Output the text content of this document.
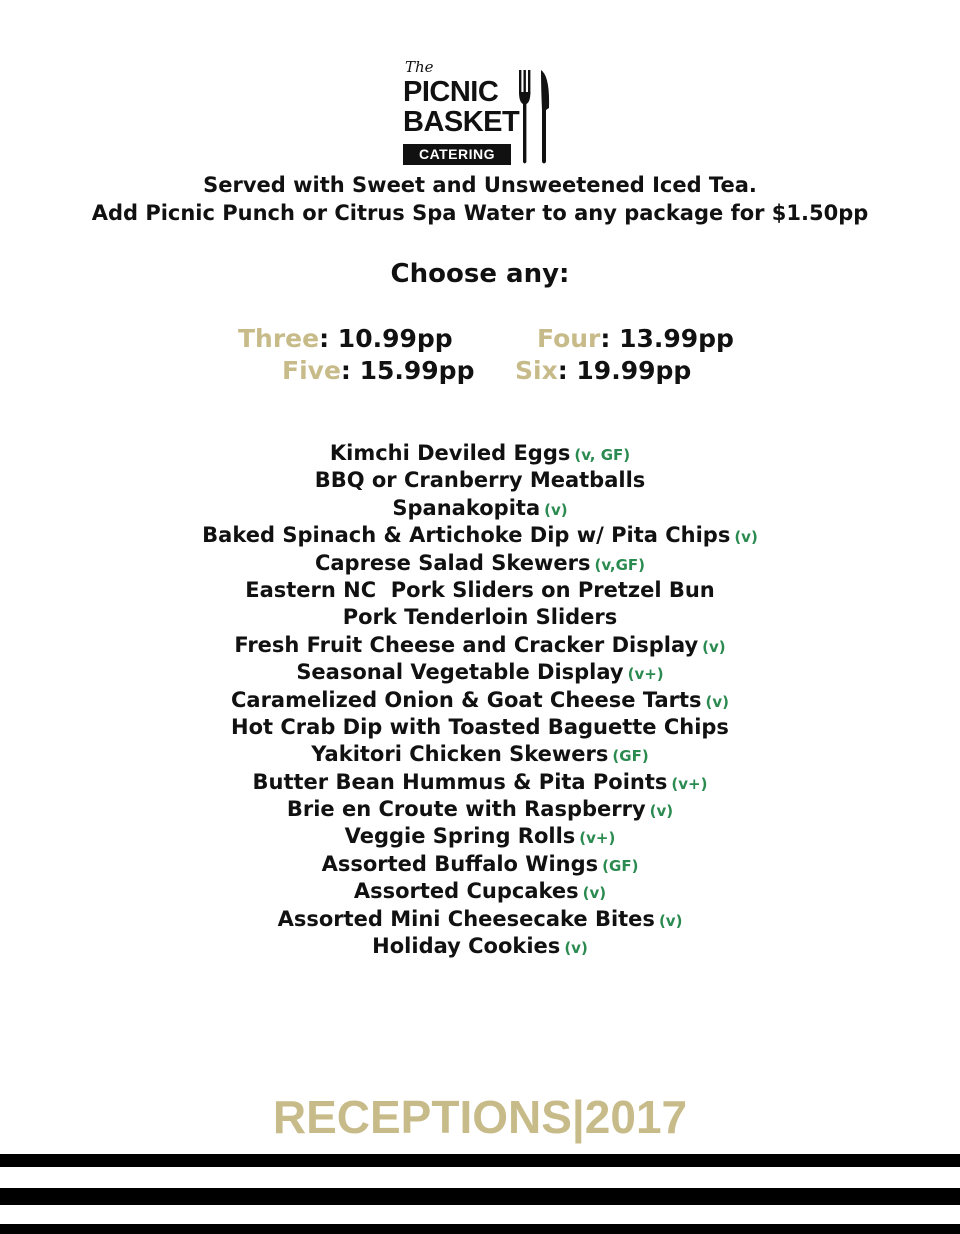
The
PICNIC
BASKET
CATERING
Served with Sweet and Unsweetened Iced Tea.
Add Picnic Punch or Citrus Spa Water to any package for $1.50pp
Choose any:
Three: 10.99pp	Four: 13.99pp
Five: 15.99pp Six: 19.99pp
Kimchi Deviled Eggs (v, GF)
BBQ or Cranberry Meatballs
Spanakopita (v)
Baked Spinach & Artichoke Dip w/ Pita Chips (v)
Caprese Salad Skewers (v,GF)
Eastern NC  Pork Sliders on Pretzel Bun
Pork Tenderloin Sliders
Fresh Fruit Cheese and Cracker Display (v)
Seasonal Vegetable Display (v+)
Caramelized Onion & Goat Cheese Tarts (v)
Hot Crab Dip with Toasted Baguette Chips
Yakitori Chicken Skewers (GF)
Butter Bean Hummus & Pita Points (v+)
Brie en Croute with Raspberry (v)
Veggie Spring Rolls (v+)
Assorted Buffalo Wings (GF)
Assorted Cupcakes (v)
Assorted Mini Cheesecake Bites (v)
Holiday Cookies (v)
RECEPTIONS|2017
